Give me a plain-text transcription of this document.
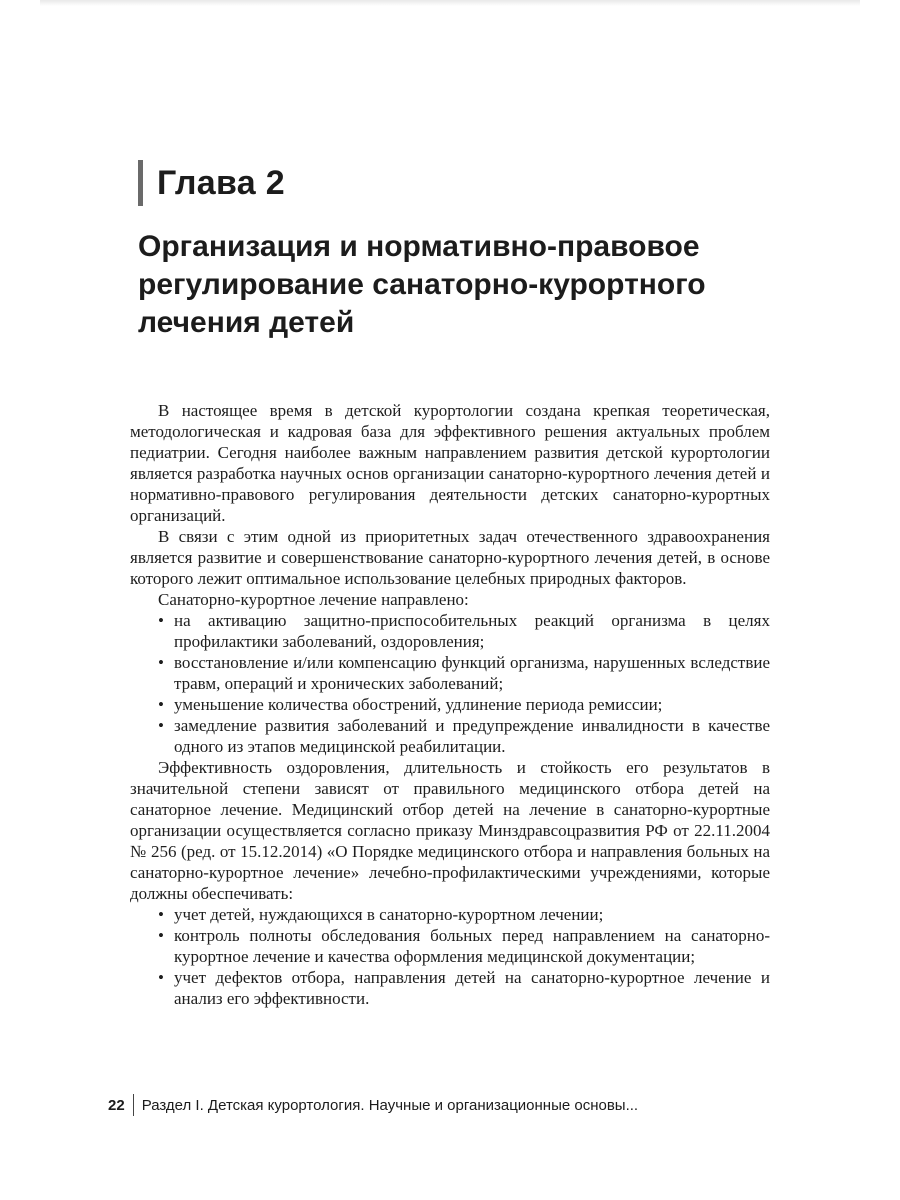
Глава 2
Организация и нормативно-правовое
регулирование санаторно-курортного
лечения детей

В настоящее время в детской курортологии создана крепкая теоретическая, методологическая и кадровая база для эффективного решения актуальных проблем педиатрии. Сегодня наиболее важным направлением развития детской курортологии является разработка научных основ организации санаторно-курортного лечения детей и нормативно-правового регулирования деятельности детских санаторно-курортных организаций.

В связи с этим одной из приоритетных задач отечественного здравоохранения является развитие и совершенствование санаторно-курортного лечения детей, в основе которого лежит оптимальное использование целебных природных факторов.

Санаторно-курортное лечение направлено:

• на активацию защитно-приспособительных реакций организма в целях профилактики заболеваний, оздоровления;
• восстановление и/или компенсацию функций организма, нарушенных вследствие травм, операций и хронических заболеваний;
• уменьшение количества обострений, удлинение периода ремиссии;
• замедление развития заболеваний и предупреждение инвалидности в качестве одного из этапов медицинской реабилитации.

Эффективность оздоровления, длительность и стойкость его результатов в значительной степени зависят от правильного медицинского отбора детей на санаторное лечение. Медицинский отбор детей на лечение в санаторно-курортные организации осуществляется согласно приказу Минздравсоцразвития РФ от 22.11.2004 № 256 (ред. от 15.12.2014) «О Порядке медицинского отбора и направления больных на санаторно-курортное лечение» лечебно-профилактическими учреждениями, которые должны обеспечивать:

• учет детей, нуждающихся в санаторно-курортном лечении;
• контроль полноты обследования больных перед направлением на санаторно-курортное лечение и качества оформления медицинской документации;
• учет дефектов отбора, направления детей на санаторно-курортное лечение и анализ его эффективности.
22 Раздел I. Детская курортология. Научные и организационные основы...
